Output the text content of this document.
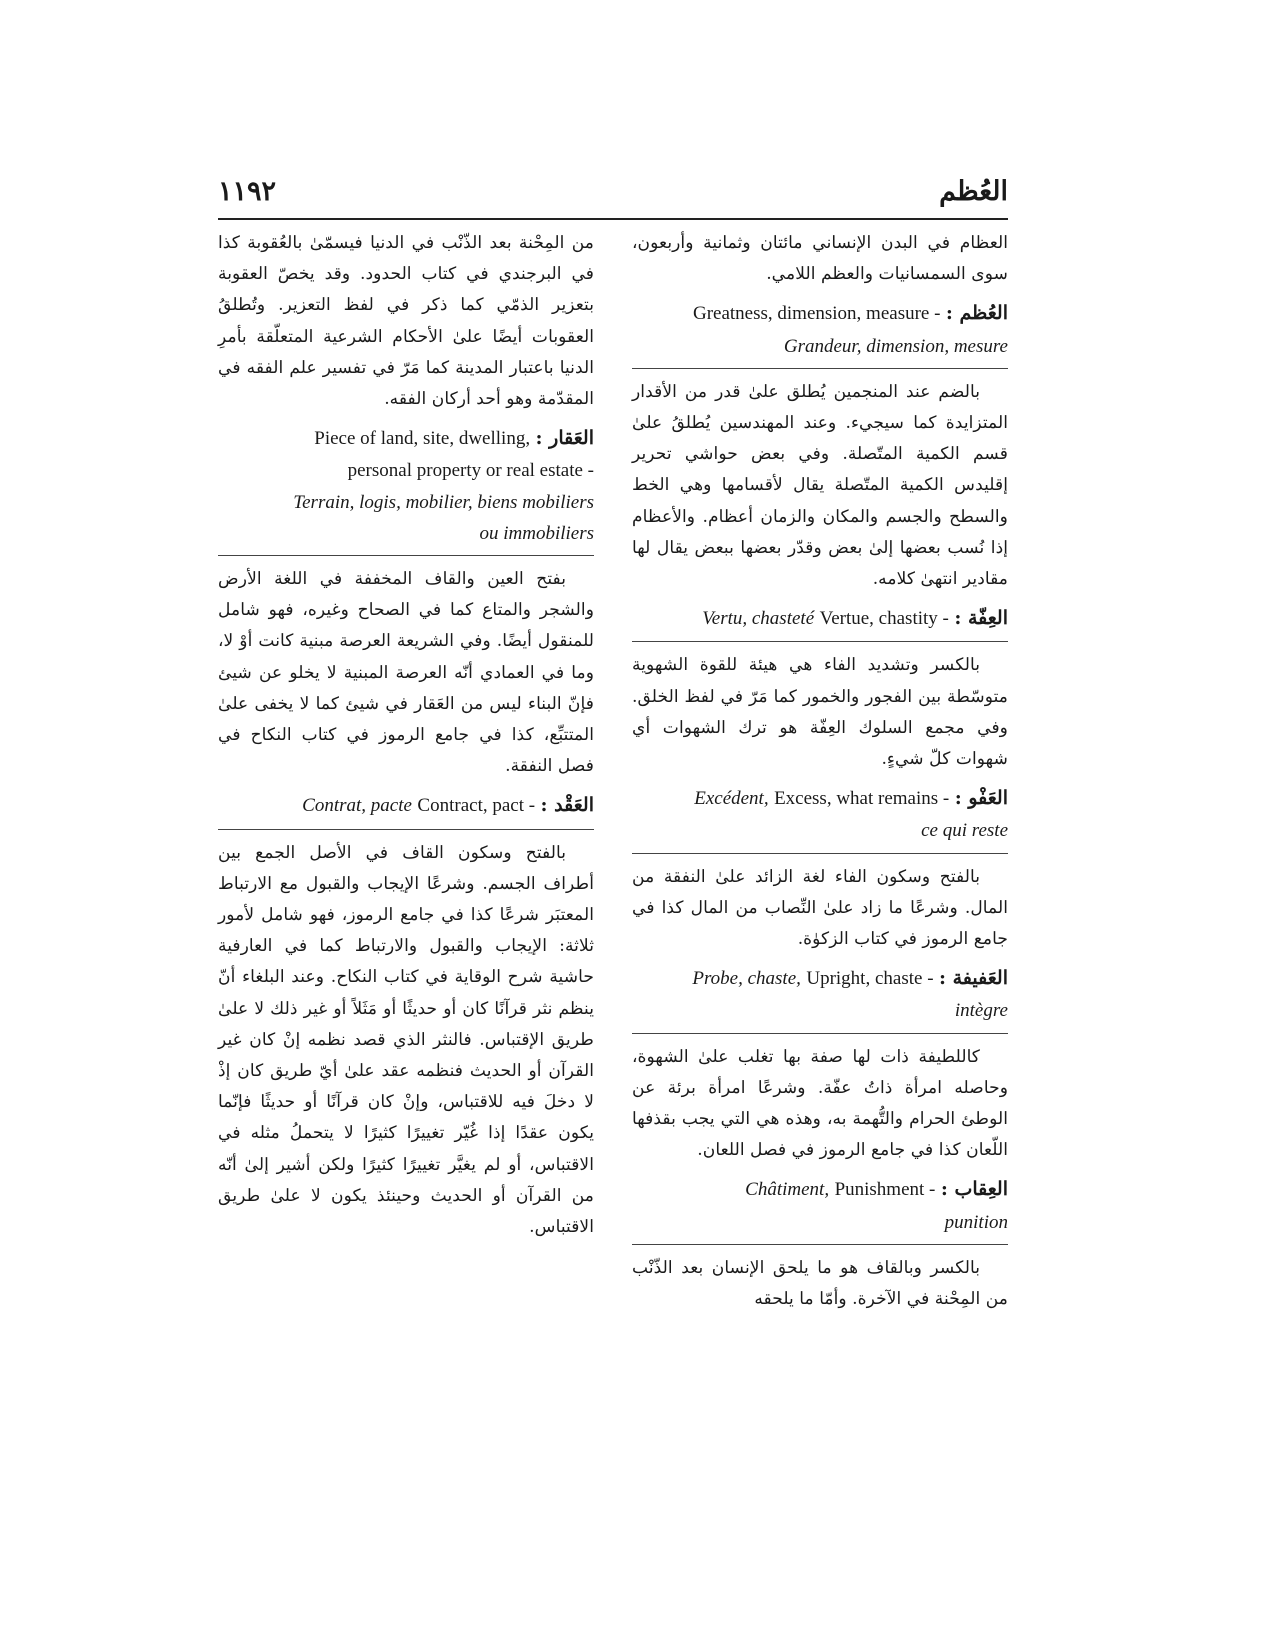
العُظم
١١٩٢

العظام في البدن الإنساني مائتان وثمانية وأربعون، سوى السمسانيات والعظم اللامي.

العُظم : Greatness, dimension, measure -
Grandeur, dimension, mesure

بالضم عند المنجمين يُطلق علىٰ قدر من الأقدار المتزايدة كما سيجيء. وعند المهندسين يُطلقُ علىٰ قسم الكمية المتّصلة. وفي بعض حواشي تحرير إقليدس الكمية المتّصلة يقال لأقسامها وهي الخط والسطح والجسم والمكان والزمان أعظام. والأعظام إذا نُسب بعضها إلىٰ بعض وقدّر بعضها ببعض يقال لها مقادير انتهىٰ كلامه.

العِفّة : Vertue, chastity - Vertu, chasteté

بالكسر وتشديد الفاء هي هيئة للقوة الشهوية متوسّطة بين الفجور والخمور كما مَرّ في لفظ الخلق. وفي مجمع السلوك العِفّة هو ترك الشهوات أي شهوات كلّ شيءٍ.

العَفْو : Excess, what remains - Excédent,
ce qui reste

بالفتح وسكون الفاء لغة الزائد علىٰ النفقة من المال. وشرعًا ما زاد علىٰ النِّصاب من المال كذا في جامع الرموز في كتاب الزكوٰة.

العَفيفة : Upright, chaste - Probe, chaste,
intègre

كاللطيفة ذات لها صفة بها تغلب علىٰ الشهوة، وحاصله امرأة ذاتُ عفّة. وشرعًا امرأة برئة عن الوطئ الحرام والتُّهمة به، وهذه هي التي يجب بقذفها اللّعان كذا في جامع الرموز في فصل اللعان.

العِقاب : Punishment - Châtiment,
punition

بالكسر وبالقاف هو ما يلحق الإنسان بعد الذّنْب من المِحْنة في الآخرة. وأمّا ما يلحقه

من المِحْنة بعد الذّنْب في الدنيا فيسمّىٰ بالعُقوبة كذا في البرجندي في كتاب الحدود. وقد يخصّ العقوبة بتعزير الذمّي كما ذكر في لفظ التعزير. وتُطلقُ العقوبات أيضًا علىٰ الأحكام الشرعية المتعلّقة بأمرِ الدنيا باعتبار المدينة كما مَرّ في تفسير علم الفقه في المقدّمة وهو أحد أركان الفقه.

العَقار : Piece of land, site, dwelling,
personal property or real estate -
Terrain, logis, mobilier, biens mobiliers
ou immobiliers

بفتح العين والقاف المخففة في اللغة الأرض والشجر والمتاع كما في الصحاح وغيره، فهو شامل للمنقول أيضًا. وفي الشريعة العرصة مبنية كانت أوْ لا، وما في العمادي أنّه العرصة المبنية لا يخلو عن شيئ فإنّ البناء ليس من العَقار في شيئ كما لا يخفى علىٰ المتتبِّع، كذا في جامع الرموز في كتاب النكاح في فصل النفقة.

العَقْد : Contract, pact - Contrat, pacte

بالفتح وسكون القاف في الأصل الجمع بين أطراف الجسم. وشرعًا الإيجاب والقبول مع الارتباط المعتبَر شرعًا كذا في جامع الرموز، فهو شامل لأمور ثلاثة: الإيجاب والقبول والارتباط كما في العارفية حاشية شرح الوقاية في كتاب النكاح. وعند البلغاء أنّ ينظم نثر قرآنًا كان أو حديثًا أو مَثَلاً أو غير ذلك لا علىٰ طريق الإقتباس. فالنثر الذي قصد نظمه إنْ كان غير القرآن أو الحديث فنظمه عقد علىٰ أيّ طريق كان إذْ لا دخلَ فيه للاقتباس، وإنْ كان قرآنًا أو حديثًا فإنّما يكون عقدًا إذا غُيّر تغييرًا كثيرًا لا يتحملُ مثله في الاقتباس، أو لم يغيَّر تغييرًا كثيرًا ولكن أشير إلىٰ أنّه من القرآن أو الحديث وحينئذ يكون لا علىٰ طريق الاقتباس.
